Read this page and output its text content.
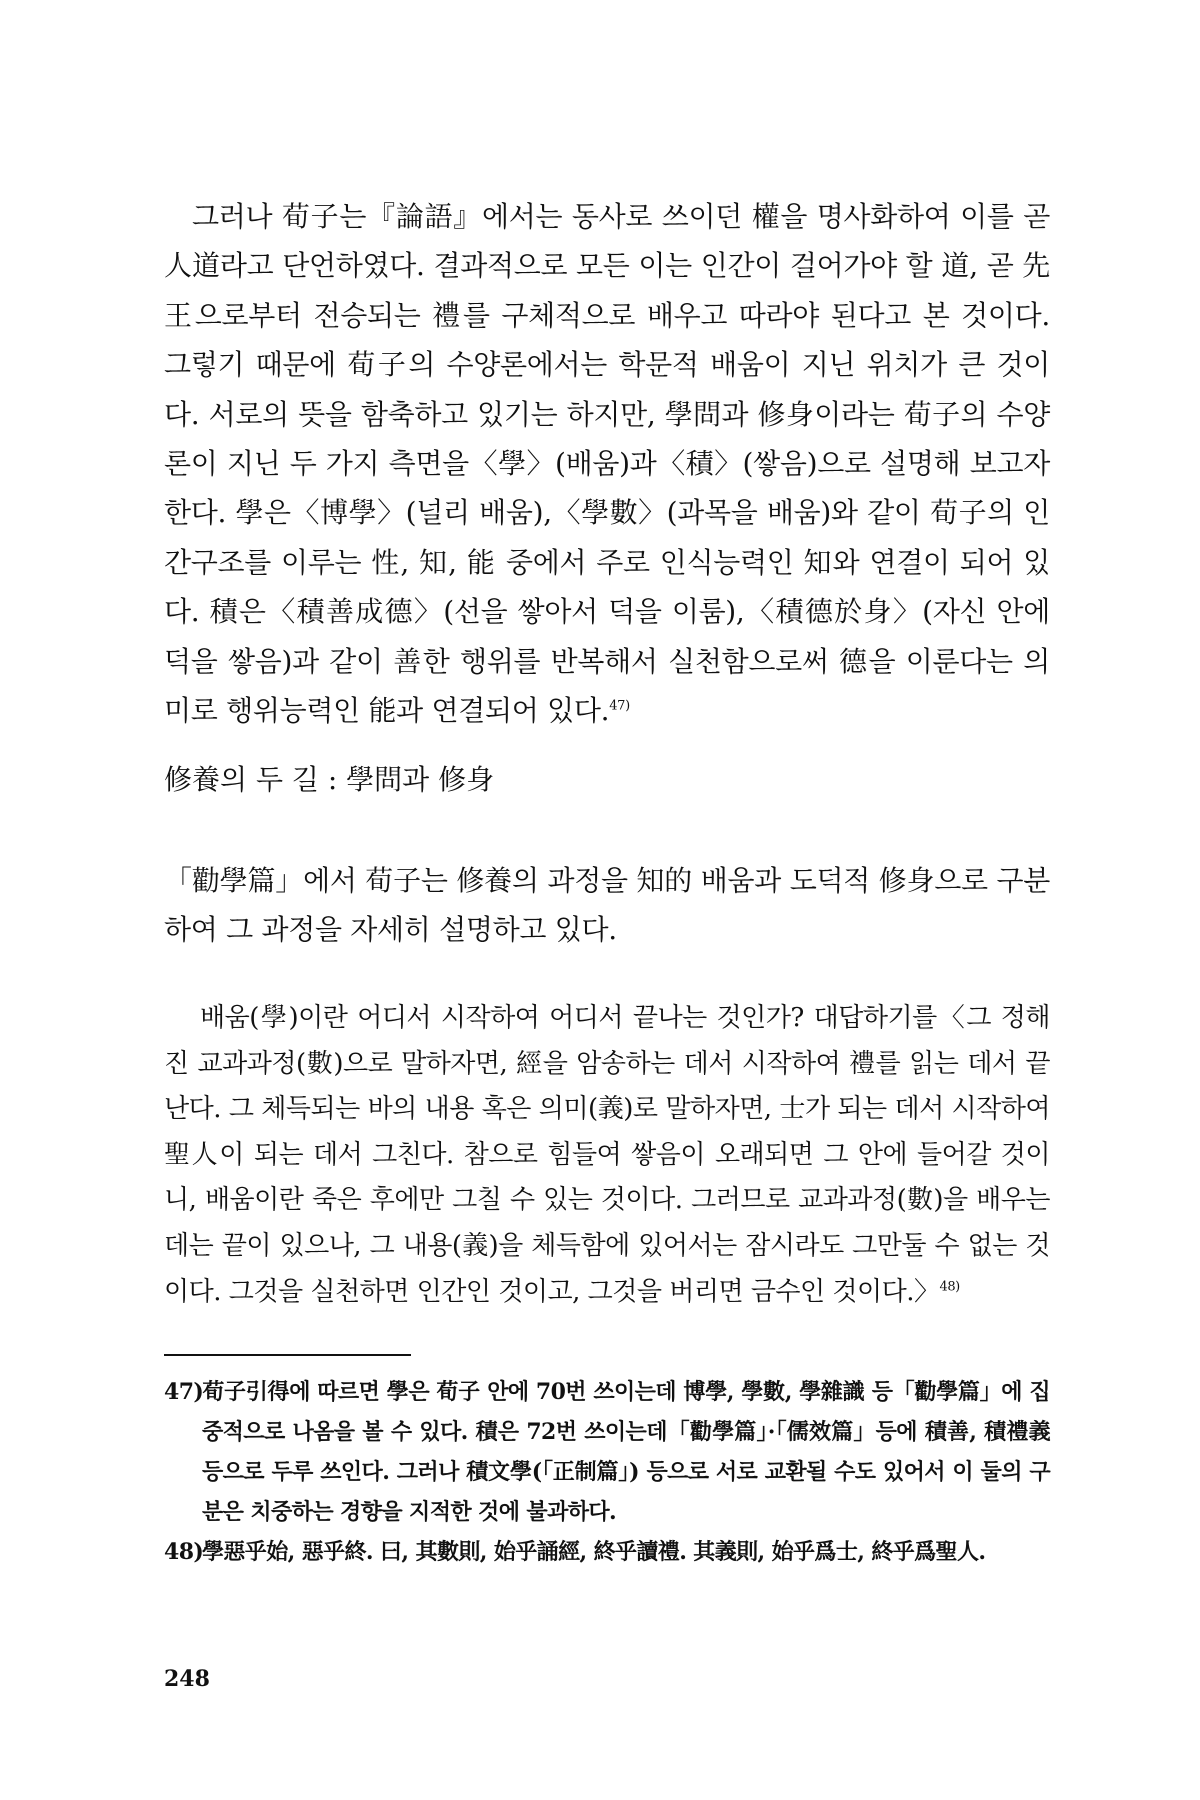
그러나 荀子는『論語』에서는 동사로 쓰이던 權을 명사화하여 이를 곧 人道라고 단언하였다. 결과적으로 모든 이는 인간이 걸어가야 할 道, 곧 先王으로부터 전승되는 禮를 구체적으로 배우고 따라야 된다고 본 것이다. 그렇기 때문에 荀子의 수양론에서는 학문적 배움이 지닌 위치가 큰 것이다. 서로의 뜻을 함축하고 있기는 하지만, 學問과 修身이라는 荀子의 수양론이 지닌 두 가지 측면을〈學〉(배움)과〈積〉(쌓음)으로 설명해 보고자 한다. 學은〈博學〉(널리 배움),〈學數〉(과목을 배움)와 같이 荀子의 인간구조를 이루는 性, 知, 能 중에서 주로 인식능력인 知와 연결이 되어 있다. 積은〈積善成德〉(선을 쌓아서 덕을 이룸),〈積德於身〉(자신 안에 덕을 쌓음)과 같이 善한 행위를 반복해서 실천함으로써 德을 이룬다는 의미로 행위능력인 能과 연결되어 있다.$^{47)}$

修養의 두 길 : 學問과 修身

「勸學篇」에서 荀子는 修養의 과정을 知的 배움과 도덕적 修身으로 구분하여 그 과정을 자세히 설명하고 있다.

배움(學)이란 어디서 시작하여 어디서 끝나는 것인가? 대답하기를〈그 정해진 교과과정(數)으로 말하자면, 經을 암송하는 데서 시작하여 禮를 읽는 데서 끝난다. 그 체득되는 바의 내용 혹은 의미(義)로 말하자면, 士가 되는 데서 시작하여 聖人이 되는 데서 그친다. 참으로 힘들여 쌓음이 오래되면 그 안에 들어갈 것이니, 배움이란 죽은 후에만 그칠 수 있는 것이다. 그러므로 교과과정(數)을 배우는 데는 끝이 있으나, 그 내용(義)을 체득함에 있어서는 잠시라도 그만둘 수 없는 것이다. 그것을 실천하면 인간인 것이고, 그것을 버리면 금수인 것이다.〉$^{48)}$

47)荀子引得에 따르면 學은 荀子 안에 70번 쓰이는데 博學, 學數, 學雜識 등「勸學篇」에 집중적으로 나옴을 볼 수 있다. 積은 72번 쓰이는데「勸學篇」·「儒效篇」등에 積善, 積禮義 등으로 두루 쓰인다. 그러나 積文學(「正制篇」) 등으로 서로 교환될 수도 있어서 이 둘의 구분은 치중하는 경향을 지적한 것에 불과하다.
48)學惡乎始, 惡乎終. 曰, 其數則, 始乎誦經, 終乎讀禮. 其義則, 始乎爲士, 終乎爲聖人.

248
